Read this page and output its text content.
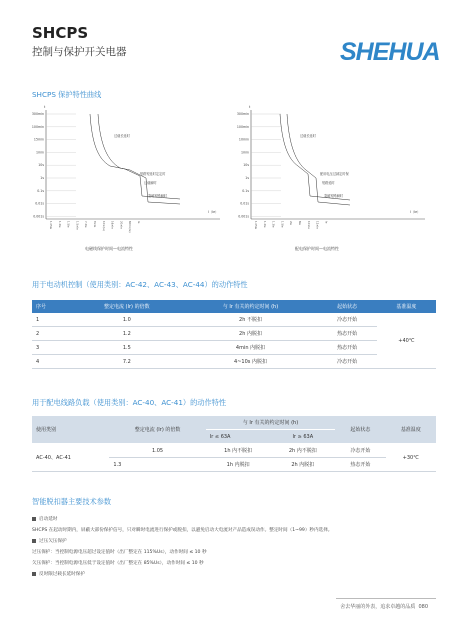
SHCPS
控制与保护开关电器	SHEHUA
SHCPS 保护特性曲线
t
300min
100min
15min
1min
10s
1s
0.1s
0.01s
0.001s
1.05Ie	1.2Ie	1.5Ie	1.5×Ie	7.2Ie	8×Ie	10×(Ie)	16×Ie	20×Ie	600×(Ie)	Ie
过载长延时
短路短延时定定时
过载瞬时
鉴破短路瞬时
I（Ie）
电磁线保护时间—电流特性
t
300min
100min
10min
1min
10s
1s
0.1s
0.01s
0.001s
1.05Ie	1.2Ie	1.3Ie	1.5Ie	2Ie	6Ie	10×Ie	12×Ie	Ie
过载长延时
配用电压过减定时保
短路延时
鉴破短路瞬时
I（Ie）
配电保护时间—电流特性
用于电动机控制（使用类别：AC-42、AC-43、AC-44）的动作特性
序号	整定电流 (Ir) 的倍数	与 Ir 有关的约定时间 (h)	起始状态	基准温度
1	1.0	2h 不脱扣	冷态开始	+40℃
2	1.2	2h 内脱扣	热态开始	
3	1.5	4min 内脱扣	热态开始	
4	7.2	4~10s 内脱扣	冷态开始	
用于配电线路负载（使用类别：AC-40、AC-41）的动作特性
使用类别	整定电流 (Ir) 的倍数	与 Ir 有关的约定时间 (h)		起始状态	基准温度
		Ir ≤ 63A	Ir ≥ 63A		
AC-40、AC-41	1.05	1h 内不脱扣	2h 内不脱扣	冷态开始	+30℃
	1.3	1h 内脱扣	2h 内脱扣	热态开始	
智能脱扣器主要技术参数
启动延时
SHCPS 在起动时期内，屏蔽大部份保护信号，只对瞬时电流进行保护或脱扣，以避免启动大电流对产品造成误动作。整定时间（1~99）秒内选择。
过压欠压保护
过压保护：当控制电源电压超过设定值时（出厂整定在 115%Us），动作时间 ≤ 10 秒
欠压保护：当控制电源电压低于设定值时（出厂整定在 85%Us），动作时间 ≤ 10 秒
反时限过载长延时保护
舍去华丽的外表，追求卓越的品质 080
